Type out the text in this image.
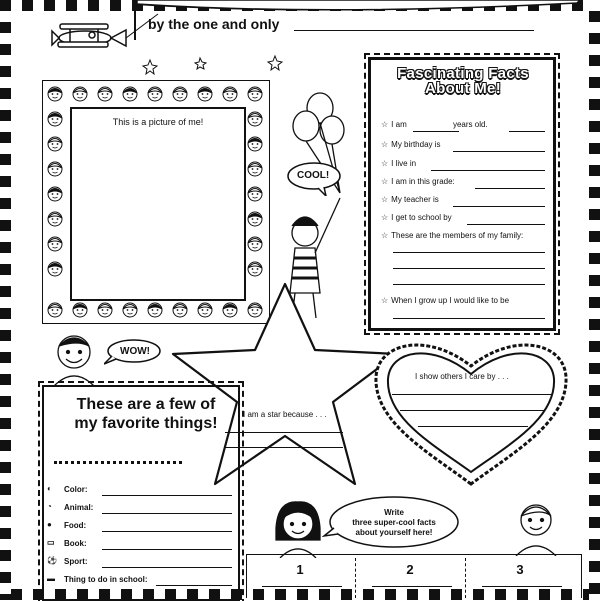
by the one and only
This is a picture of me!
COOL!
Fascinating Facts
About Me!
☆ I am	years old.
☆ My birthday is
☆ I live in
☆ I am in this grade:
☆ My teacher is
☆ I get to school by
☆ These are the members of my family:
☆ When I grow up I would like to be
WOW!
I am a star because . . .
I show others I care by . . .
These are a few of my favorite things!
◐	Color:
◔	Animal:
●	Food:
▭	Book:
⚽ Sport:
▬	Thing to do in school:
Write
three super-cool facts
about yourself here!
1	2	3
